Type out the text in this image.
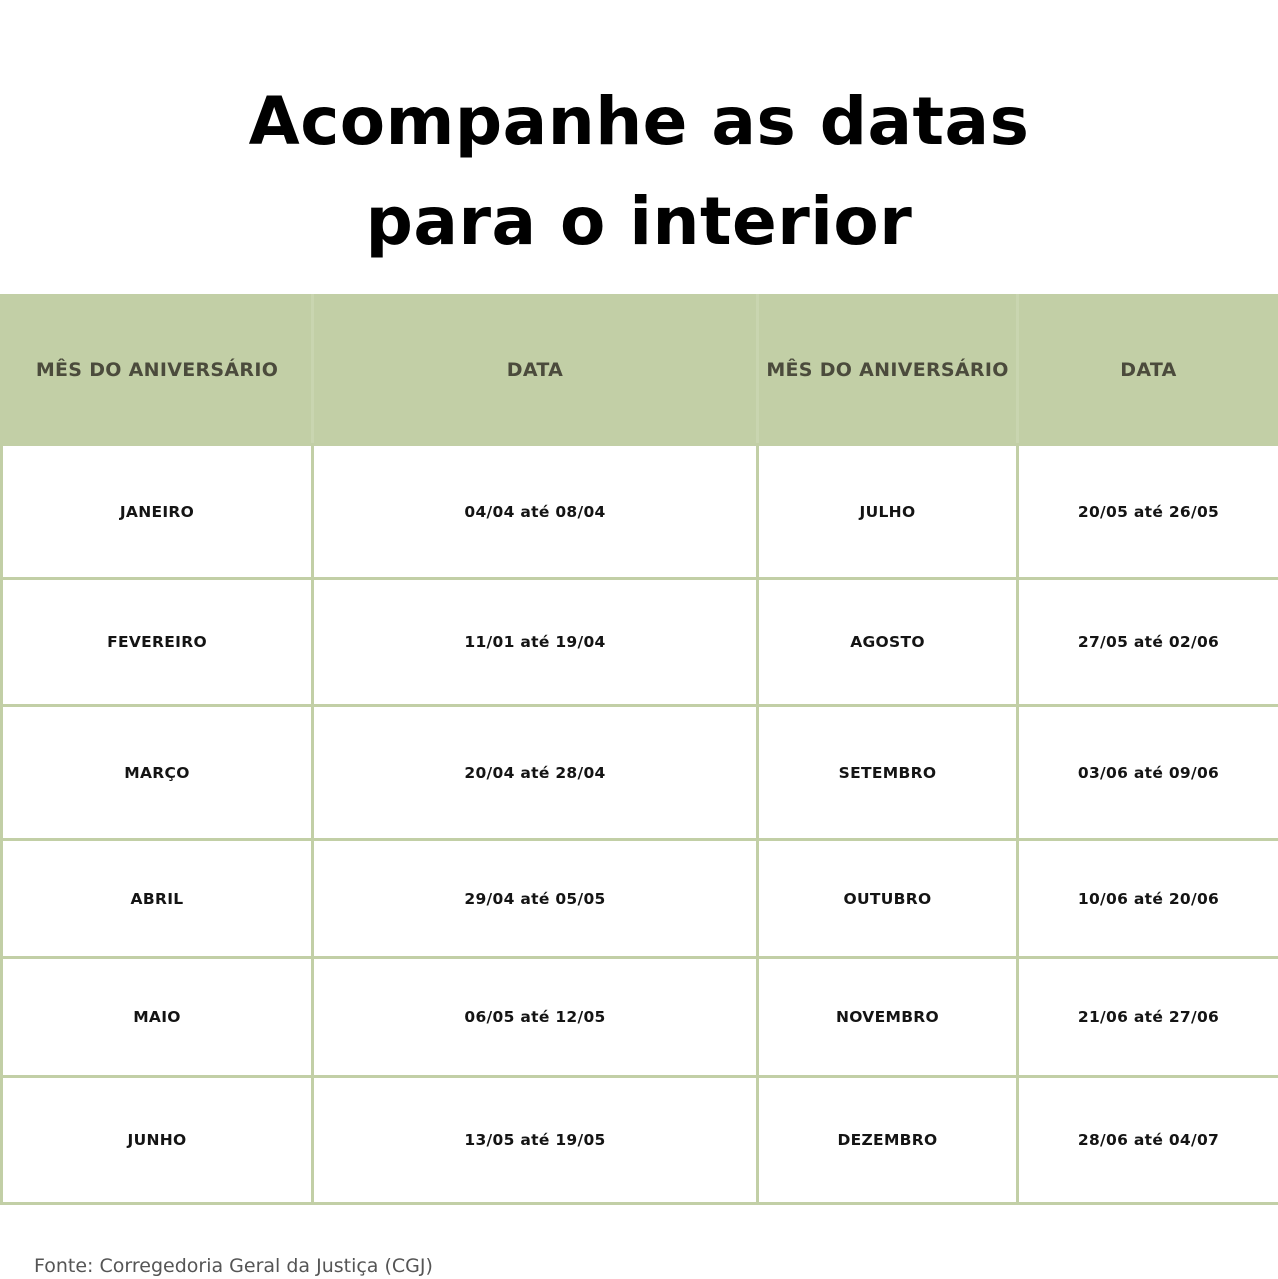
Acompanhe as datas
para o interior
MÊS DO ANIVERSÁRIO	DATA	MÊS DO ANIVERSÁRIO	DATA
JANEIRO	04/04 até 08/04	JULHO	20/05 até 26/05
FEVEREIRO	11/01 até 19/04	AGOSTO	27/05 até 02/06
MARÇO	20/04 até 28/04	SETEMBRO	03/06 até 09/06
ABRIL	29/04 até 05/05	OUTUBRO	10/06 até 20/06
MAIO	06/05 até 12/05	NOVEMBRO	21/06 até 27/06
JUNHO	13/05 até 19/05	DEZEMBRO	28/06 até 04/07
Fonte: Corregedoria Geral da Justiça (CGJ)
